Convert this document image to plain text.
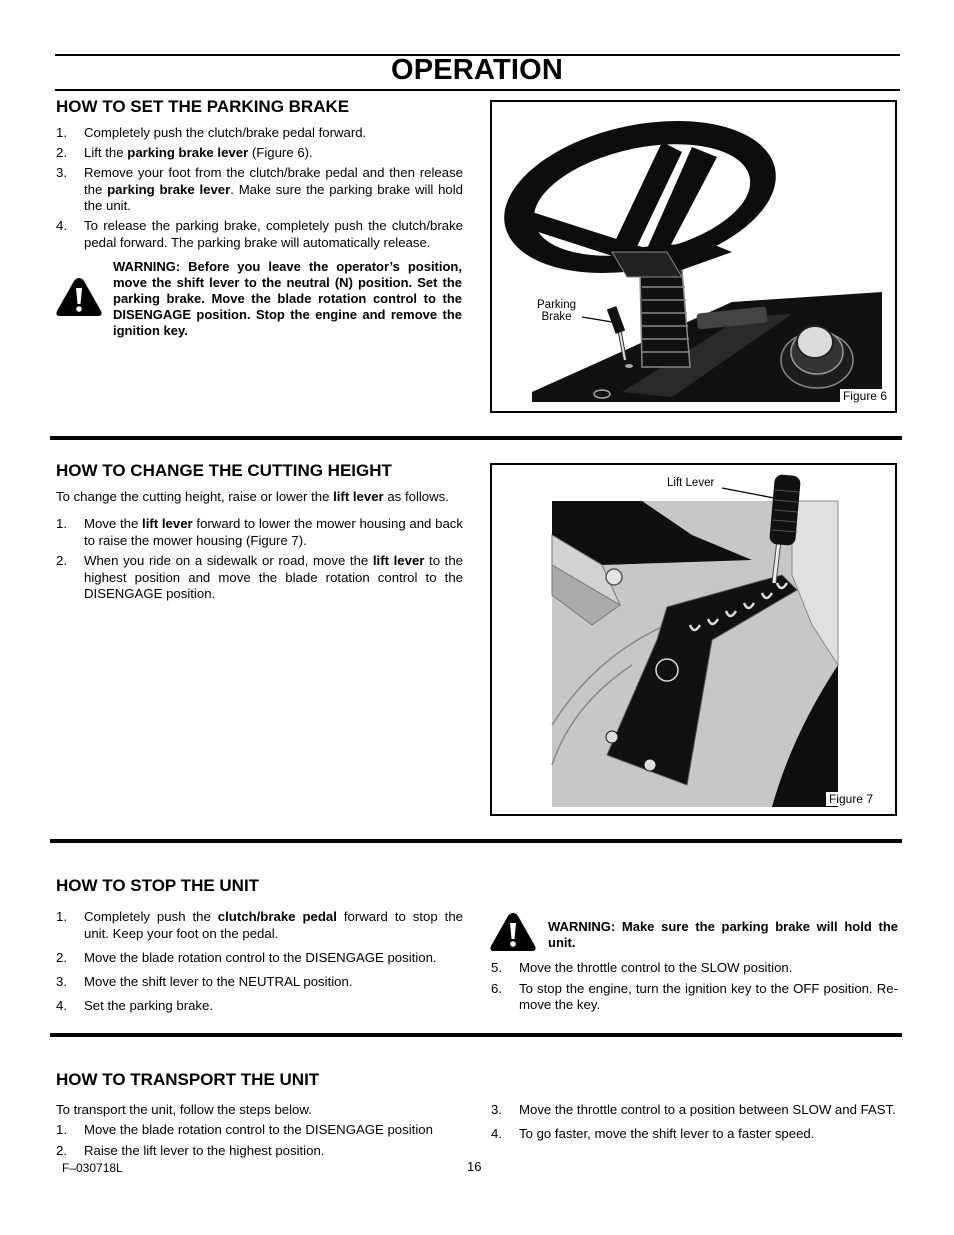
OPERATION
HOW TO SET THE PARKING BRAKE
1. Completely push the clutch/brake pedal forward.
2. Lift the parking brake lever (Figure 6).
3. Remove your foot from the clutch/brake pedal and then release the parking brake lever. Make sure the parking brake will hold the unit.
4. To release the parking brake, completely push the clutch/brake pedal forward. The parking brake will automatically release.
WARNING: Before you leave the operator’s position, move the shift lever to the neutral (N) position. Set the parking brake. Move the blade rotation control to the DISENGAGE position. Stop the engine and remove the ignition key.
Parking
Brake
Figure 6
HOW TO CHANGE THE CUTTING HEIGHT
To change the cutting height, raise or lower the lift lever as follows.
1. Move the lift lever forward to lower the mower housing and back to raise the mower housing (Figure 7).
2. When you ride on a sidewalk or road, move the lift lever to the highest position and move the blade rotation control to the DISENGAGE position.
Lift Lever
Figure 7
HOW TO STOP THE UNIT
1. Completely push the clutch/brake pedal forward to stop the unit. Keep your foot on the pedal.
2. Move the blade rotation control to the DISENGAGE position.
3. Move the shift lever to the NEUTRAL position.
4. Set the parking brake.
WARNING: Make sure the parking brake will hold the unit.
5. Move the throttle control to the SLOW position.
6. To stop the engine, turn the ignition key to the OFF position. Re-move the key.
HOW TO TRANSPORT THE UNIT
To transport the unit, follow the steps below.
1. Move the blade rotation control to the DISENGAGE position
2. Raise the lift lever to the highest position.
3. Move the throttle control to a position between SLOW and FAST.
4. To go faster, move the shift lever to a faster speed.
F–030718L	16
